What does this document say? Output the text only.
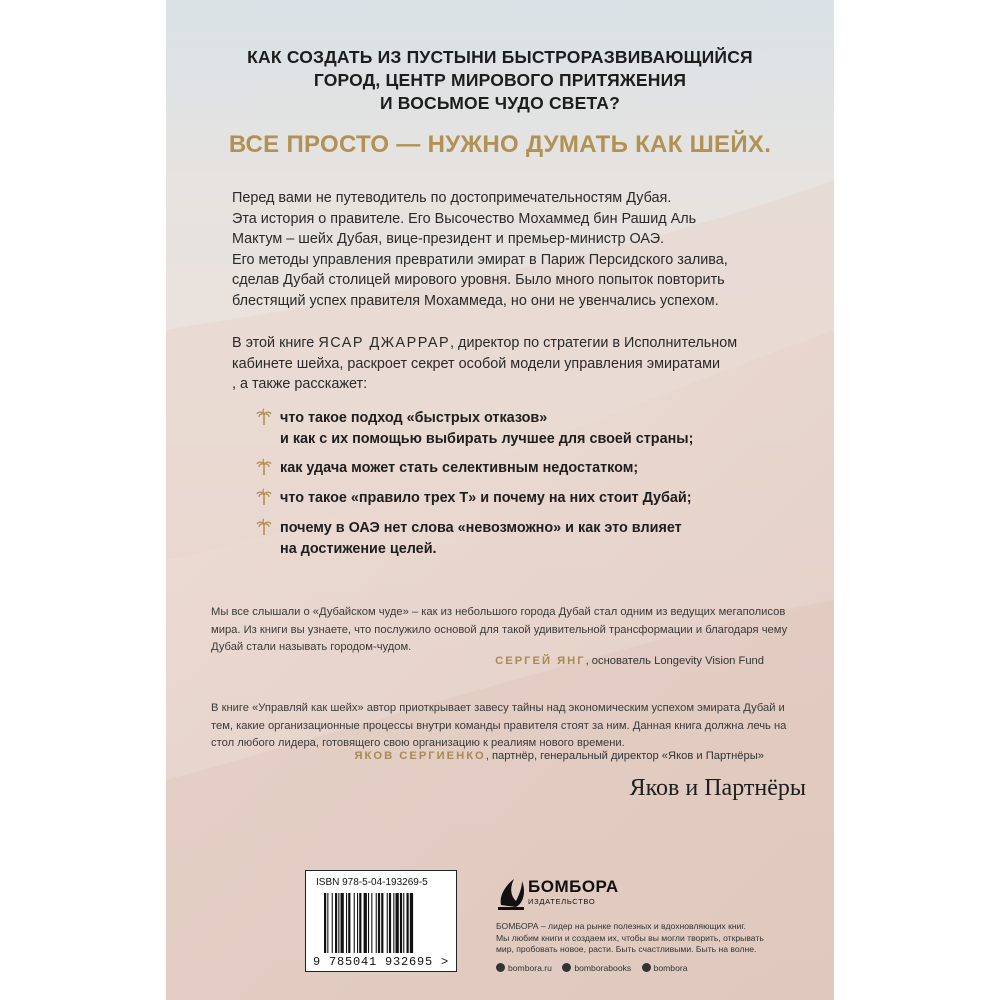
КАК СОЗДАТЬ ИЗ ПУСТЫНИ БЫСТРОРАЗВИВАЮЩИЙСЯ
ГОРОД, ЦЕНТР МИРОВОГО ПРИТЯЖЕНИЯ
И ВОСЬМОЕ ЧУДО СВЕТА?
ВСЕ ПРОСТО — НУЖНО ДУМАТЬ КАК ШЕЙХ.
Перед вами не путеводитель по достопримечательностям Дубая.
Эта история о правителе. Его Высочество Мохаммед бин Рашид Аль
Мактум – шейх Дубая, вице-президент и премьер-министр ОАЭ.
Его методы управления превратили эмират в Париж Персидского залива,
сделав Дубай столицей мирового уровня. Было много попыток повторить
блестящий успех правителя Мохаммеда, но они не увенчались успехом.
В этой книге ЯСАР ДЖАРРАР, директор по стратегии в Исполнительном
кабинете шейха, раскроет секрет особой модели управления эмиратами
, а также расскажет:
что такое подход «быстрых отказов»
и как с их помощью выбирать лучшее для своей страны;
как удача может стать селективным недостатком;
что такое «правило трех Т» и почему на них стоит Дубай;
почему в ОАЭ нет слова «невозможно» и как это влияет
на достижение целей.
Мы все слышали о «Дубайском чуде» – как из небольшого города Дубай стал одним из ведущих мегаполисов
мира. Из книги вы узнаете, что послужило основой для такой удивительной трансформации и благодаря чему
Дубай стали называть городом-чудом.
СЕРГЕЙ ЯНГ, основатель Longevity Vision Fund
В книге «Управляй как шейх» автор приоткрывает завесу тайны над экономическим успехом эмирата Дубай и
тем, какие организационные процессы внутри команды правителя стоят за ним. Данная книга должна лечь на
стол любого лидера, готовящего свою организацию к реалиям нового времени.
ЯКОВ СЕРГИЕНКО, партнёр, генеральный директор «Яков и Партнёры»
Яков и Партнёры
ISBN 978-5-04-193269-5
9 785041 932695 >
БОМБОРА
ИЗДАТЕЛЬСТВО
БОМБОРА – лидер на рынке полезных и вдохновляющих книг.
Мы любим книги и создаем их, чтобы вы могли творить, открывать
мир, пробовать новое, расти. Быть счастливыми. Быть на волне.
bombora.ru	bomborabooks	bombora
